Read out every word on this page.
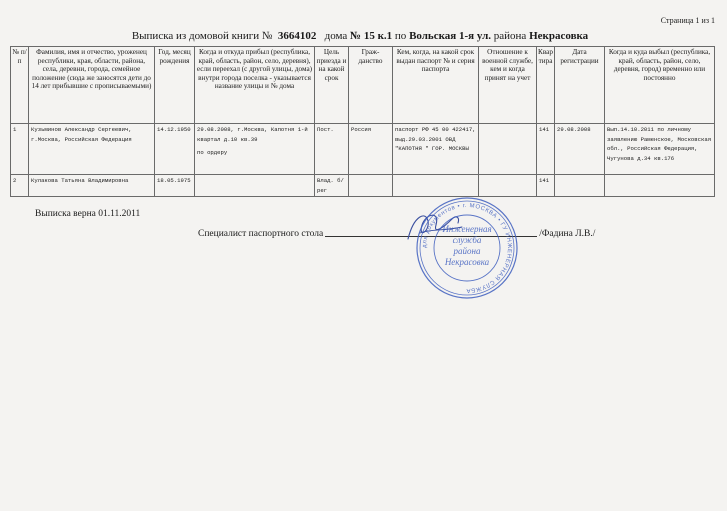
Страница 1 из 1
Выписка из домовой книги № 3664102 дома № 15 к.1 по Вольская 1-я ул. района Некрасовка
№ п/п	Фамилия, имя и отчество, уроженец республики, края, области, района, села, деревни, города, семейное положение (сюда же заносятся дети до 14 лет прибывшие с прописываемыми)	Год, месяц рождения	Когда и откуда прибыл (республика, край, область, район, село, деревня), если переехал (с другой улицы, дома) внутри города поселка - указывается название улицы и № дома	Цель приезда и на какой срок	Граж-данство	Кем, когда, на какой срок выдан паспорт № и серия паспорта	Отношение к военной службе, кем и когда принят на учет	Квар тира	Дата регистрации	Когда и куда выбыл (республика, край, область, район, село, деревня, город) временно или постоянно
1	Кузьминов Александр Сергеевич, г.Москва, Российская Федерация	14.12.1950	29.08.2008, г.Москва, Капотня 1-й квартал д.10 кв.39
по ордеру	Пост.	Россия	паспорт РФ 45 00 422417, выд.29.03.2001 ОВД "КАПОТНЯ " ГОР. МОСКВЫ		141	29.08.2008	Вып.14.10.2011 по личному заявлению Раменское, Московская обл., Российская Федерация, Чугунова д.34 кв.176
2	Кулакова Татьяна Владимировна	18.05.1975		Влад. б/рег				141		
Выписка верна 01.11.2011
Специалист паспортного стола	/Фадина Л.В./
для документов • г. МОСКВА • ГУ ИНЖЕНЕРНАЯ СЛУЖБА
Инженерная
служба
района
Некрасовка
